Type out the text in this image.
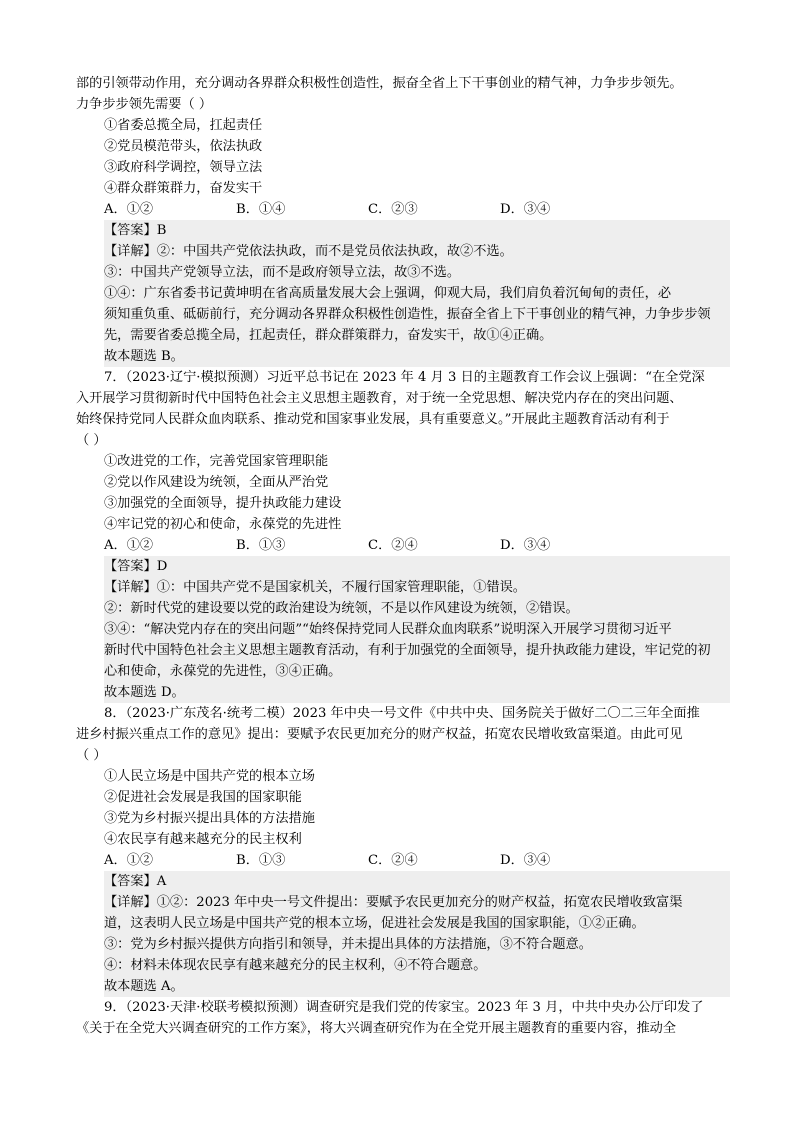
部的引领带动作用，充分调动各界群众积极性创造性，振奋全省上下干事创业的精气神，力争步步领先。

力争步步领先需要（ ）

①省委总揽全局，扛起责任

②党员模范带头，依法执政

③政府科学调控，领导立法

④群众群策群力，奋发实干

A．①②	B．①④	C．②③	D．③④

【答案】B

【详解】②：中国共产党依法执政，而不是党员依法执政，故②不选。

③：中国共产党领导立法，而不是政府领导立法，故③不选。

①④：广东省委书记黄坤明在省高质量发展大会上强调，仰观大局，我们肩负着沉甸甸的责任，必

须知重负重、砥砺前行，充分调动各界群众积极性创造性，振奋全省上下干事创业的精气神，力争步步领

先，需要省委总揽全局，扛起责任，群众群策群力，奋发实干，故①④正确。

故本题选 B。

7．（2023·辽宁·模拟预测）习近平总书记在 2023 年 4 月 3 日的主题教育工作会议上强调：“在全党深

入开展学习贯彻新时代中国特色社会主义思想主题教育，对于统一全党思想、解决党内存在的突出问题、

始终保持党同人民群众血肉联系、推动党和国家事业发展，具有重要意义。”开展此主题教育活动有利于

（ ）

①改进党的工作，完善党国家管理职能

②党以作风建设为统领，全面从严治党

③加强党的全面领导，提升执政能力建设

④牢记党的初心和使命，永葆党的先进性

A．①②	B．①③	C．②④	D．③④

【答案】D

【详解】①：中国共产党不是国家机关，不履行国家管理职能，①错误。

②：新时代党的建设要以党的政治建设为统领，不是以作风建设为统领，②错误。

③④：“解决党内存在的突出问题”“始终保持党同人民群众血肉联系”说明深入开展学习贯彻习近平

新时代中国特色社会主义思想主题教育活动，有利于加强党的全面领导，提升执政能力建设，牢记党的初

心和使命，永葆党的先进性，③④正确。

故本题选 D。

8．（2023·广东茂名·统考二模）2023 年中央一号文件《中共中央、国务院关于做好二〇二三年全面推

进乡村振兴重点工作的意见》提出：要赋予农民更加充分的财产权益，拓宽农民增收致富渠道。由此可见

（ ）

①人民立场是中国共产党的根本立场

②促进社会发展是我国的国家职能

③党为乡村振兴提出具体的方法措施

④农民享有越来越充分的民主权利

A．①②	B．①③	C．②④	D．③④

【答案】A

【详解】①②：2023 年中央一号文件提出：要赋予农民更加充分的财产权益，拓宽农民增收致富渠

道，这表明人民立场是中国共产党的根本立场，促进社会发展是我国的国家职能，①②正确。

③：党为乡村振兴提供方向指引和领导，并未提出具体的方法措施，③不符合题意。

④：材料未体现农民享有越来越充分的民主权利，④不符合题意。

故本题选 A。

9．（2023·天津·校联考模拟预测）调查研究是我们党的传家宝。2023 年 3 月，中共中央办公厅印发了

《关于在全党大兴调查研究的工作方案》，将大兴调查研究作为在全党开展主题教育的重要内容，推动全
